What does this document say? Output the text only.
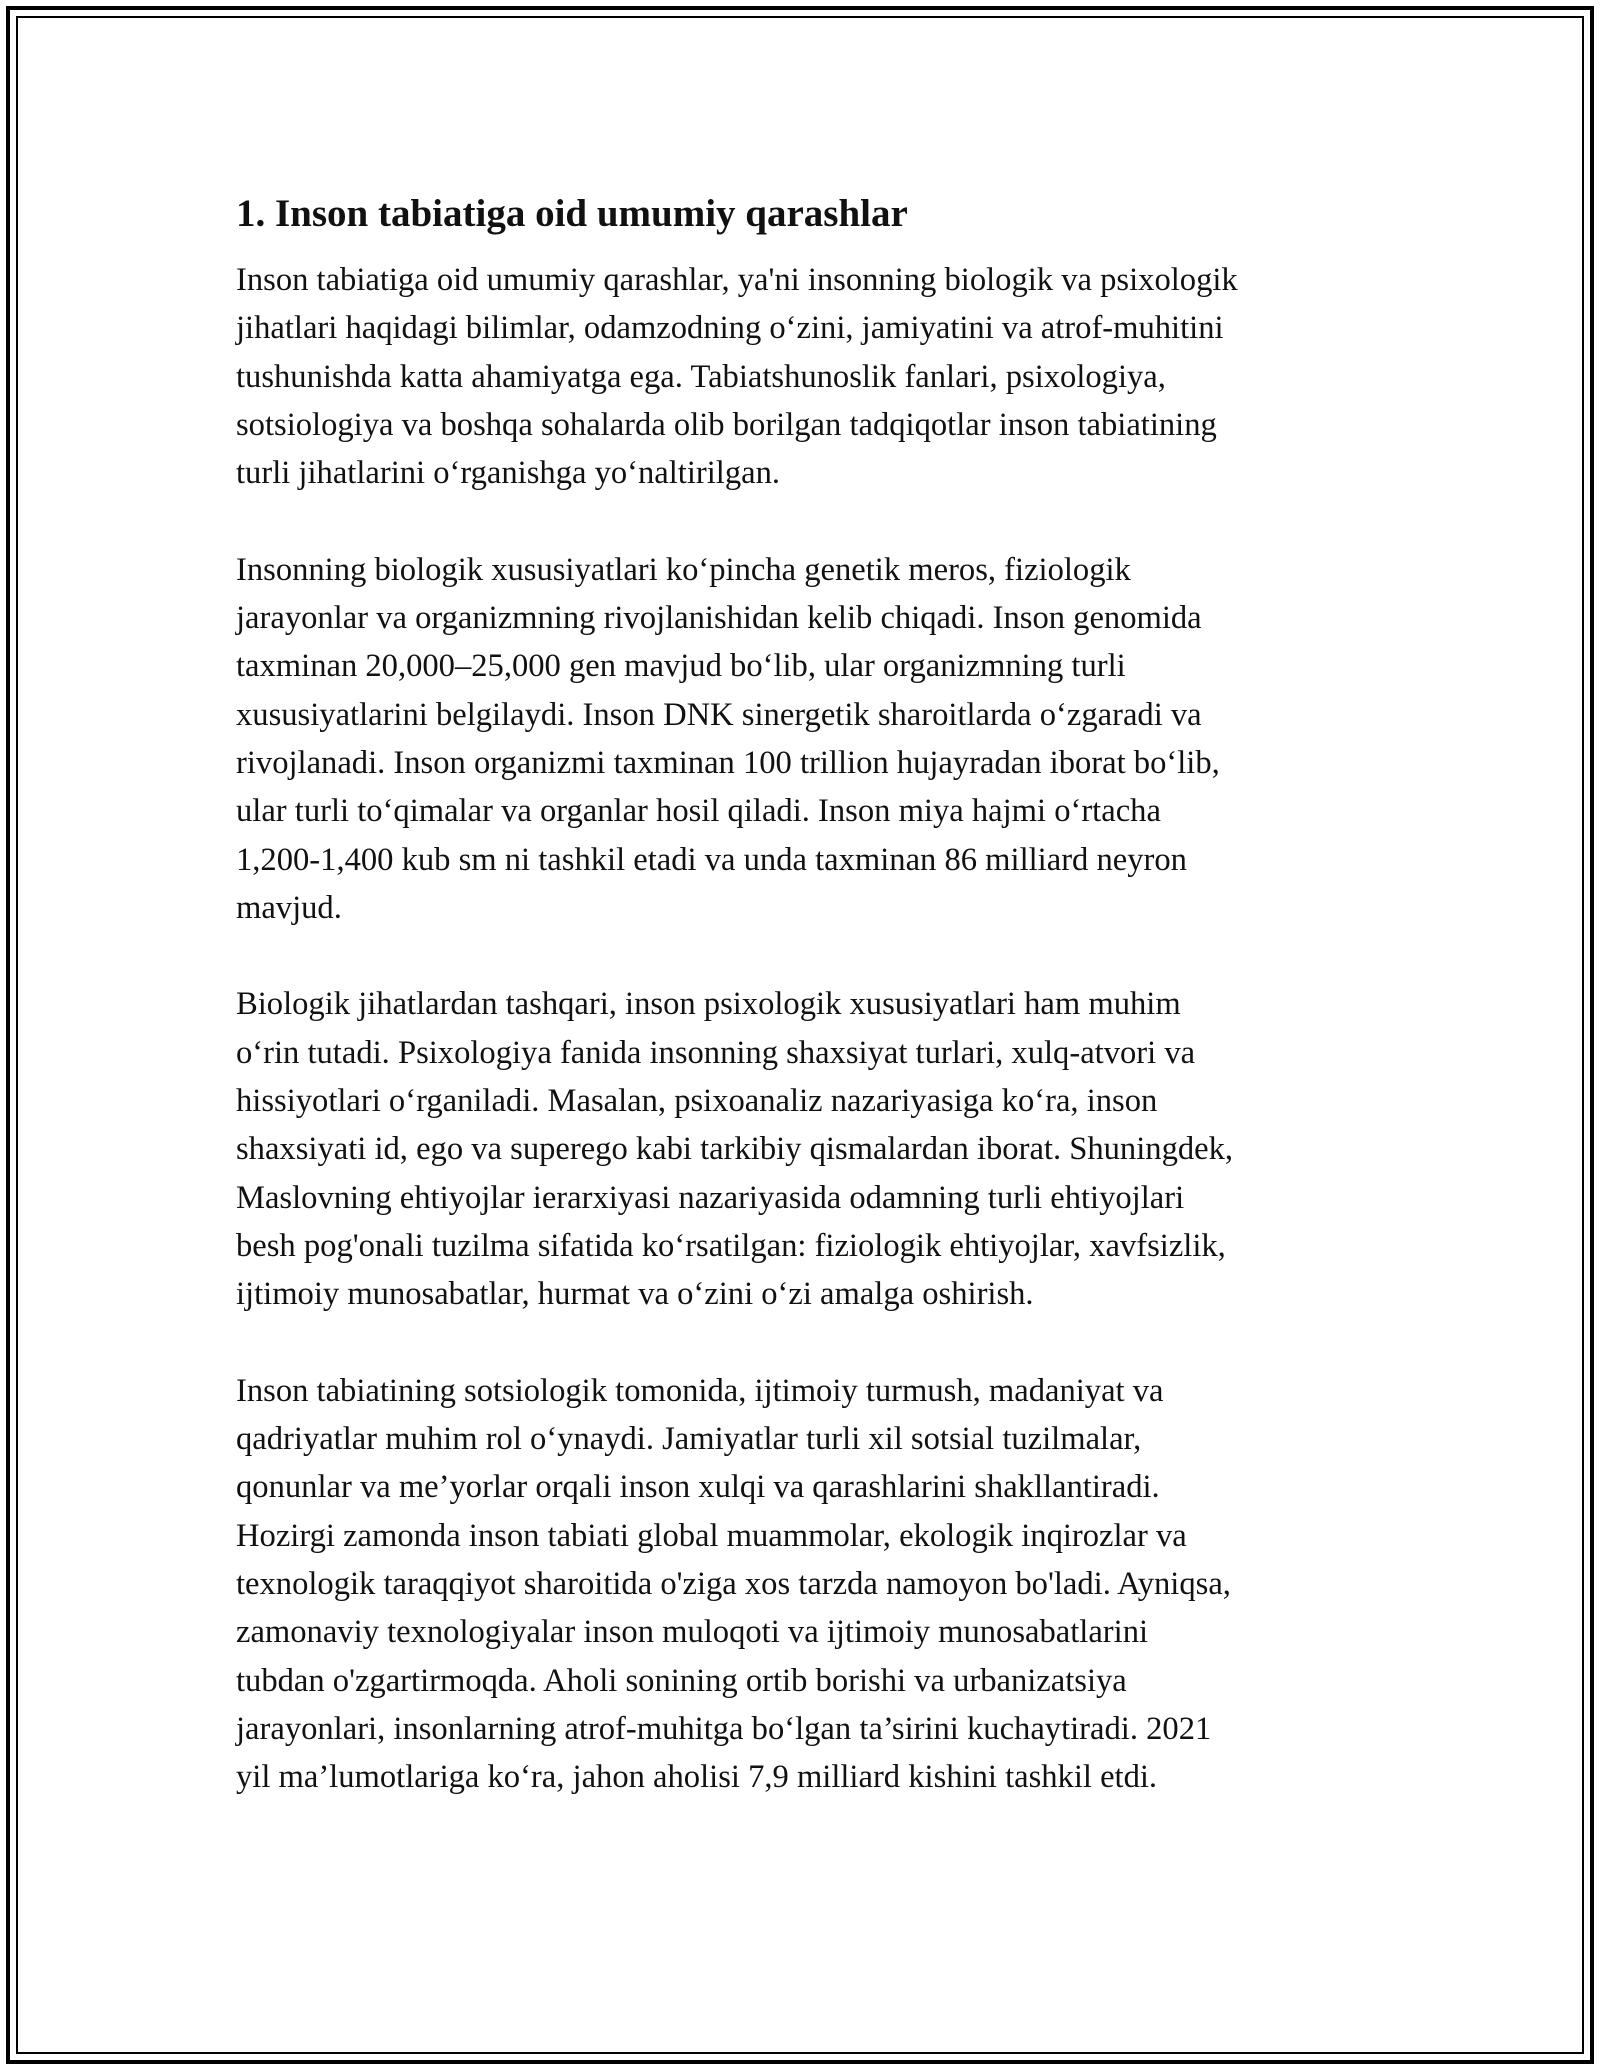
1. Inson tabiatiga oid umumiy qarashlar

Inson tabiatiga oid umumiy qarashlar, ya'ni insonning biologik va psixologik
jihatlari haqidagi bilimlar, odamzodning o‘zini, jamiyatini va atrof-muhitini
tushunishda katta ahamiyatga ega. Tabiatshunoslik fanlari, psixologiya,
sotsiologiya va boshqa sohalarda olib borilgan tadqiqotlar inson tabiatining
turli jihatlarini o‘rganishga yo‘naltirilgan.

Insonning biologik xususiyatlari ko‘pincha genetik meros, fiziologik
jarayonlar va organizmning rivojlanishidan kelib chiqadi. Inson genomida
taxminan 20,000–25,000 gen mavjud bo‘lib, ular organizmning turli
xususiyatlarini belgilaydi. Inson DNK sinergetik sharoitlarda o‘zgaradi va
rivojlanadi. Inson organizmi taxminan 100 trillion hujayradan iborat bo‘lib,
ular turli to‘qimalar va organlar hosil qiladi. Inson miya hajmi o‘rtacha
1,200-1,400 kub sm ni tashkil etadi va unda taxminan 86 milliard neyron
mavjud.

Biologik jihatlardan tashqari, inson psixologik xususiyatlari ham muhim
o‘rin tutadi. Psixologiya fanida insonning shaxsiyat turlari, xulq-atvori va
hissiyotlari o‘rganiladi. Masalan, psixoanaliz nazariyasiga ko‘ra, inson
shaxsiyati id, ego va superego kabi tarkibiy qismalardan iborat. Shuningdek,
Maslovning ehtiyojlar ierarxiyasi nazariyasida odamning turli ehtiyojlari
besh pog'onali tuzilma sifatida ko‘rsatilgan: fiziologik ehtiyojlar, xavfsizlik,
ijtimoiy munosabatlar, hurmat va o‘zini o‘zi amalga oshirish.

Inson tabiatining sotsiologik tomonida, ijtimoiy turmush, madaniyat va
qadriyatlar muhim rol o‘ynaydi. Jamiyatlar turli xil sotsial tuzilmalar,
qonunlar va me’yorlar orqali inson xulqi va qarashlarini shakllantiradi.
Hozirgi zamonda inson tabiati global muammolar, ekologik inqirozlar va
texnologik taraqqiyot sharoitida o'ziga xos tarzda namoyon bo'ladi. Ayniqsa,
zamonaviy texnologiyalar inson muloqoti va ijtimoiy munosabatlarini
tubdan o'zgartirmoqda. Aholi sonining ortib borishi va urbanizatsiya
jarayonlari, insonlarning atrof-muhitga bo‘lgan ta’sirini kuchaytiradi. 2021
yil ma’lumotlariga ko‘ra, jahon aholisi 7,9 milliard kishini tashkil etdi.
